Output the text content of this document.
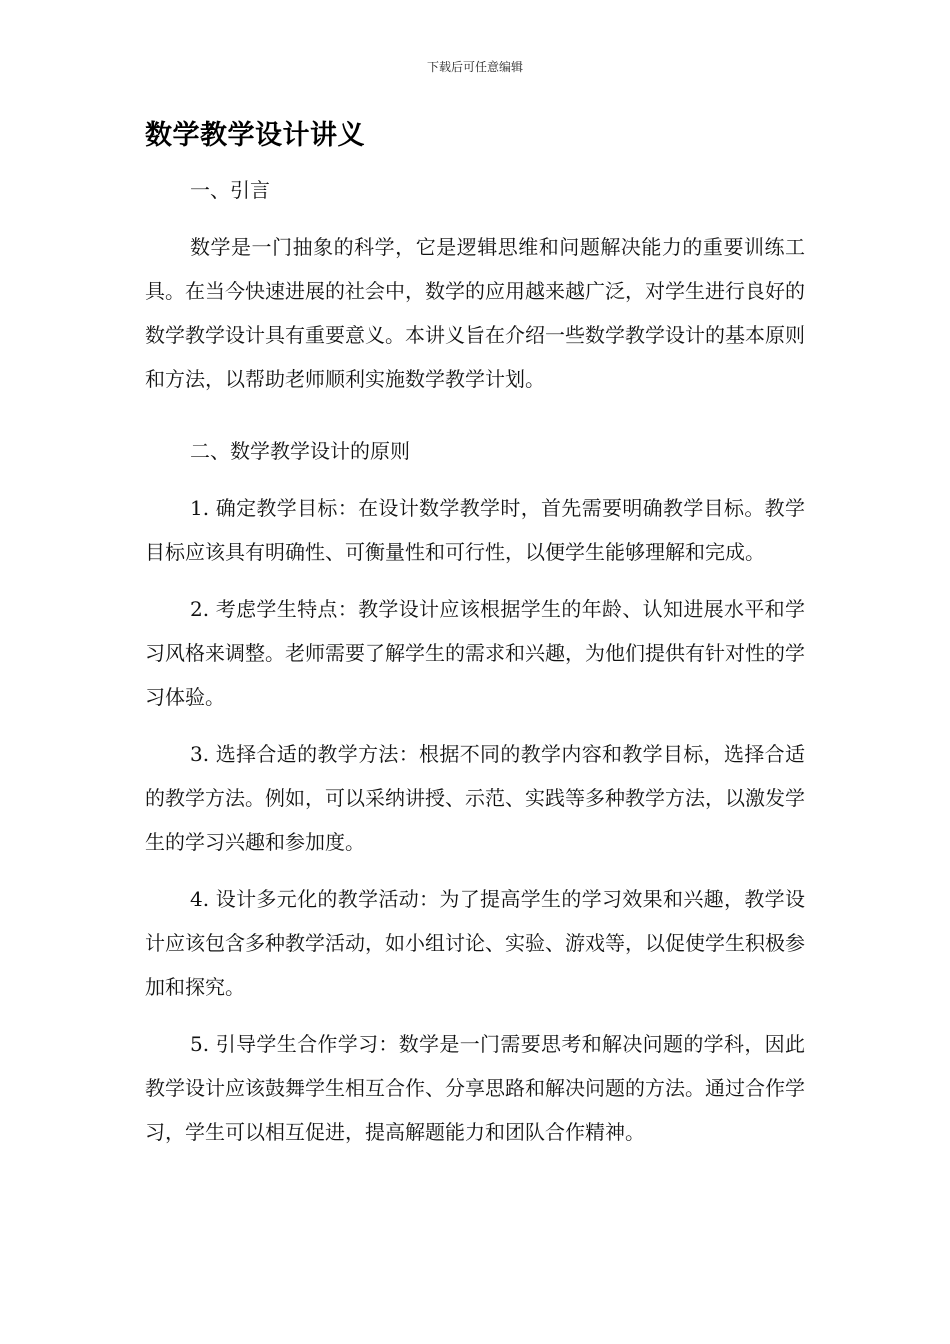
下载后可任意编辑
数学教学设计讲义

一、引言

数学是一门抽象的科学，它是逻辑思维和问题解决能力的重要训练工具。在当今快速进展的社会中，数学的应用越来越广泛，对学生进行良好的数学教学设计具有重要意义。本讲义旨在介绍一些数学教学设计的基本原则和方法，以帮助老师顺利实施数学教学计划。

二、数学教学设计的原则

1. 确定教学目标：在设计数学教学时，首先需要明确教学目标。教学目标应该具有明确性、可衡量性和可行性，以便学生能够理解和完成。

2. 考虑学生特点：教学设计应该根据学生的年龄、认知进展水平和学习风格来调整。老师需要了解学生的需求和兴趣，为他们提供有针对性的学习体验。

3. 选择合适的教学方法：根据不同的教学内容和教学目标，选择合适的教学方法。例如，可以采纳讲授、示范、实践等多种教学方法，以激发学生的学习兴趣和参加度。

4. 设计多元化的教学活动：为了提高学生的学习效果和兴趣，教学设计应该包含多种教学活动，如小组讨论、实验、游戏等，以促使学生积极参加和探究。

5. 引导学生合作学习：数学是一门需要思考和解决问题的学科，因此教学设计应该鼓舞学生相互合作、分享思路和解决问题的方法。通过合作学习，学生可以相互促进，提高解题能力和团队合作精神。
